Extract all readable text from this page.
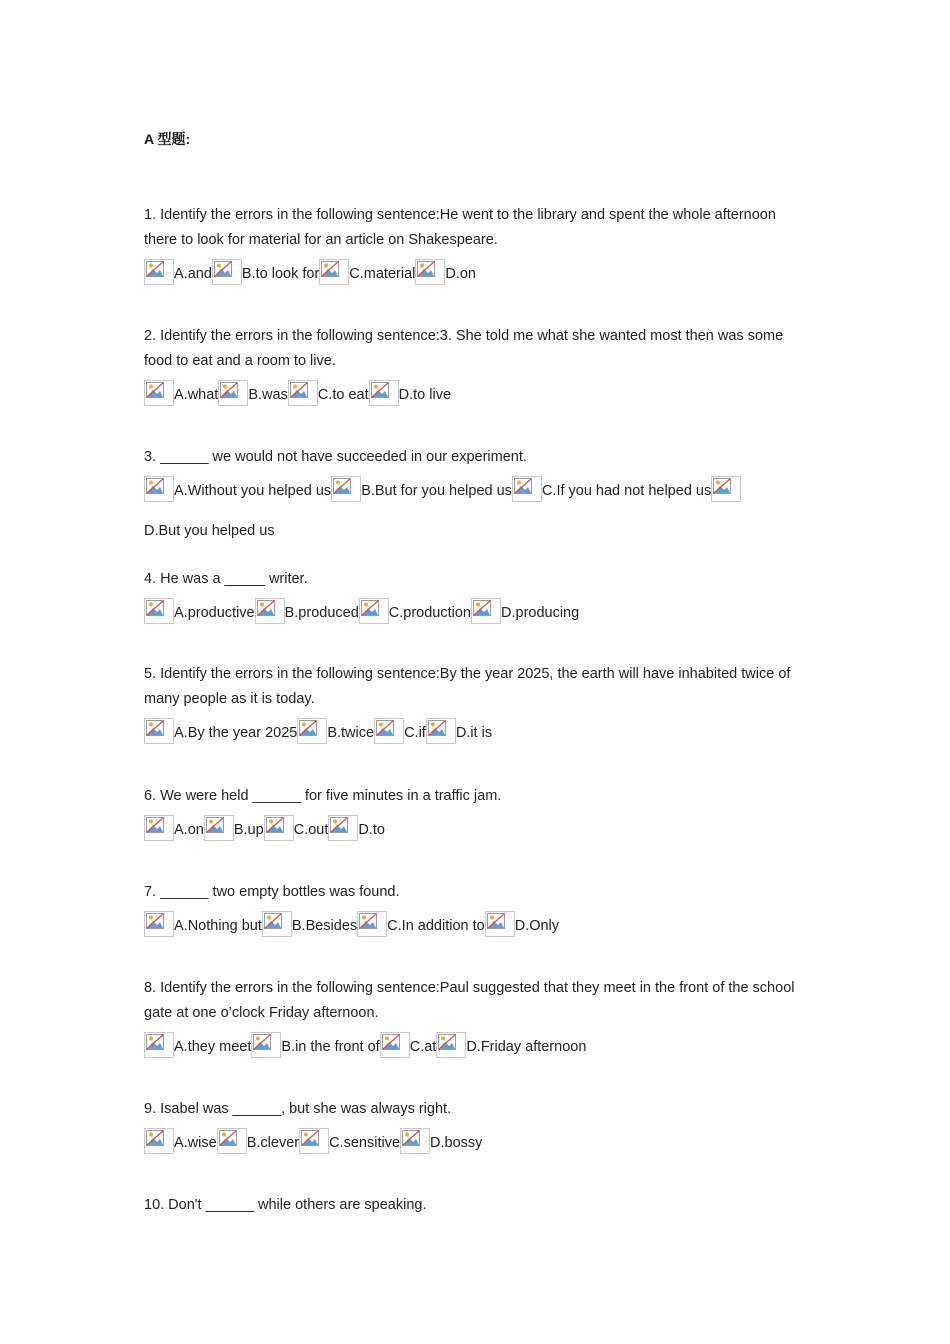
A 型题:
1. Identify the errors in the following sentence:He went to the library and spent the whole afternoon there to look for material for an article on Shakespeare.
A.and B.to look for C.material D.on
2. Identify the errors in the following sentence:3. She told me what she wanted most then was some food to eat and a room to live.
A.what B.was C.to eat D.to live
3. ______ we would not have succeeded in our experiment.
A.Without you helped us B.But for you helped us C.If you had not helped us
D.But you helped us
4. He was a _____ writer.
A.productive B.produced C.production D.producing
5. Identify the errors in the following sentence:By the year 2025, the earth will have inhabited twice of many people as it is today.
A.By the year 2025 B.twice C.if D.it is
6. We were held ______ for five minutes in a traffic jam.
A.on B.up C.out D.to
7. ______ two empty bottles was found.
A.Nothing but B.Besides C.In addition to D.Only
8. Identify the errors in the following sentence:Paul suggested that they meet in the front of the school gate at one o’clock Friday afternoon.
A.they meet B.in the front of C.at D.Friday afternoon
9. Isabel was ______, but she was always right.
A.wise B.clever C.sensitive D.bossy
10. Don't ______ while others are speaking.
